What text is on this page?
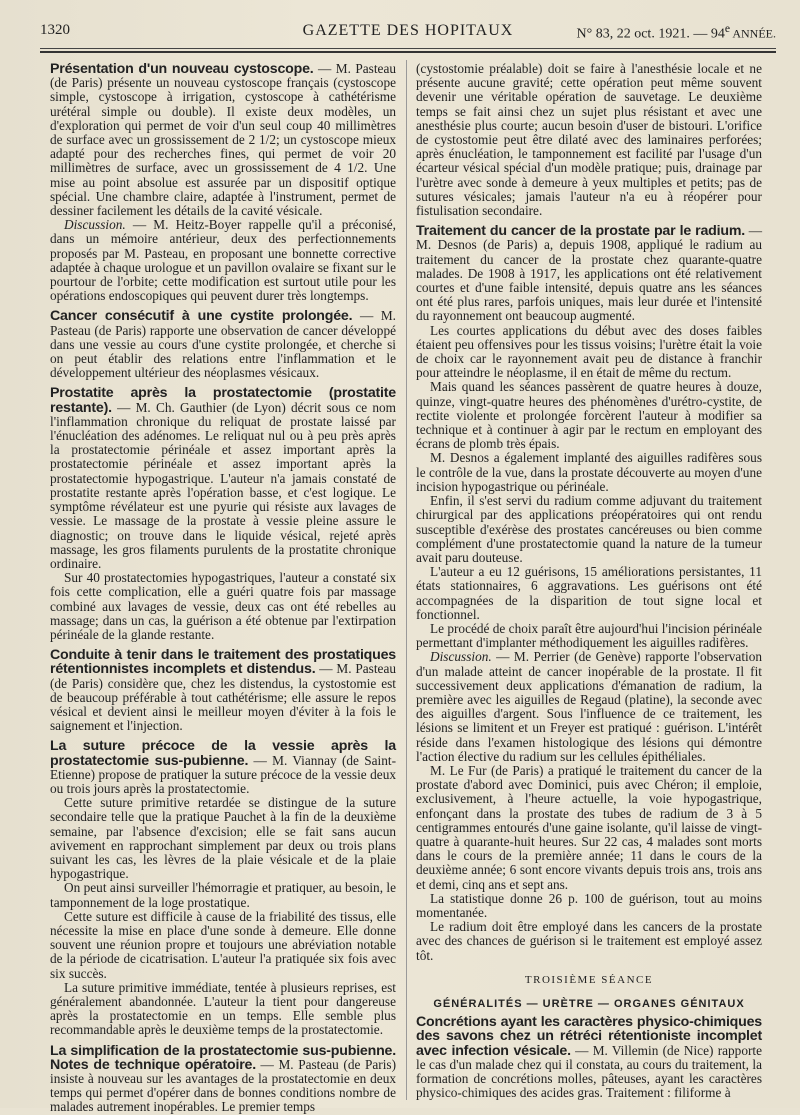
1320	GAZETTE DES HOPITAUX	N° 83, 22 oct. 1921. — 94e ANNÉE.

Présentation d'un nouveau cystoscope. — M. Pasteau (de Paris) présente un nouveau cystoscope français (cystoscope simple, cystoscope à irrigation, cystoscope à cathétérisme urétéral simple ou double). Il existe deux modèles, un d'exploration qui permet de voir d'un seul coup 40 millimètres de surface avec un grossissement de 2 1/2; un cystoscope mieux adapté pour des recherches fines, qui permet de voir 20 millimètres de surface, avec un grossissement de 4 1/2. Une mise au point absolue est assurée par un dispositif optique spécial. Une chambre claire, adaptée à l'instrument, permet de dessiner facilement les détails de la cavité vésicale.

Discussion. — M. Heitz-Boyer rappelle qu'il a préconisé, dans un mémoire antérieur, deux des perfectionnements proposés par M. Pasteau, en proposant une bonnette corrective adaptée à chaque urologue et un pavillon ovalaire se fixant sur le pourtour de l'orbite; cette modification est surtout utile pour les opérations endoscopiques qui peuvent durer très longtemps.

Cancer consécutif à une cystite prolongée. — M. Pasteau (de Paris) rapporte une observation de cancer développé dans une vessie au cours d'une cystite prolongée, et cherche si on peut établir des relations entre l'inflammation et le développement ultérieur des néoplasmes vésicaux.

Prostatite après la prostatectomie (prostatite restante). — M. Ch. Gauthier (de Lyon) décrit sous ce nom l'inflammation chronique du reliquat de prostate laissé par l'énucléation des adénomes. Le reliquat nul ou à peu près après la prostatectomie périnéale et assez important après la prostatectomie périnéale et assez important après la prostatectomie hypogastrique. L'auteur n'a jamais constaté de prostatite restante après l'opération basse, et c'est logique. Le symptôme révélateur est une pyurie qui résiste aux lavages de vessie. Le massage de la prostate à vessie pleine assure le diagnostic; on trouve dans le liquide vésical, rejeté après massage, les gros filaments purulents de la prostatite chronique ordinaire.

Sur 40 prostatectomies hypogastriques, l'auteur a constaté six fois cette complication, elle a guéri quatre fois par massage combiné aux lavages de vessie, deux cas ont été rebelles au massage; dans un cas, la guérison a été obtenue par l'extirpation périnéale de la glande restante.

Conduite à tenir dans le traitement des prostatiques rétentionnistes incomplets et distendus. — M. Pasteau (de Paris) considère que, chez les distendus, la cystostomie est de beaucoup préférable à tout cathétérisme; elle assure le repos vésical et devient ainsi le meilleur moyen d'éviter à la fois le saignement et l'injection.

La suture précoce de la vessie après la prostatectomie sus-pubienne. — M. Viannay (de Saint-Etienne) propose de pratiquer la suture précoce de la vessie deux ou trois jours après la prostatectomie.

Cette suture primitive retardée se distingue de la suture secondaire telle que la pratique Pauchet à la fin de la deuxième semaine, par l'absence d'excision; elle se fait sans aucun avivement en rapprochant simplement par deux ou trois plans suivant les cas, les lèvres de la plaie vésicale et de la plaie hypogastrique.

On peut ainsi surveiller l'hémorragie et pratiquer, au besoin, le tamponnement de la loge prostatique.

Cette suture est difficile à cause de la friabilité des tissus, elle nécessite la mise en place d'une sonde à demeure. Elle donne souvent une réunion propre et toujours une abréviation notable de la période de cicatrisation. L'auteur l'a pratiquée six fois avec six succès.

La suture primitive immédiate, tentée à plusieurs reprises, est généralement abandonnée. L'auteur la tient pour dangereuse après la prostatectomie en un temps. Elle semble plus recommandable après le deuxième temps de la prostatectomie.

La simplification de la prostatectomie sus-pubienne. Notes de technique opératoire. — M. Pasteau (de Paris) insiste à nouveau sur les avantages de la prostatectomie en deux temps qui permet d'opérer dans de bonnes conditions nombre de malades autrement inopérables. Le premier temps

(cystostomie préalable) doit se faire à l'anesthésie locale et ne présente aucune gravité; cette opération peut même souvent devenir une véritable opération de sauvetage. Le deuxième temps se fait ainsi chez un sujet plus résistant et avec une anesthésie plus courte; aucun besoin d'user de bistouri. L'orifice de cystostomie peut être dilaté avec des laminaires perforées; après énucléation, le tamponnement est facilité par l'usage d'un écarteur vésical spécial d'un modèle pratique; puis, drainage par l'urètre avec sonde à demeure à yeux multiples et petits; pas de sutures vésicales; jamais l'auteur n'a eu à réopérer pour fistulisation secondaire.

Traitement du cancer de la prostate par le radium. — M. Desnos (de Paris) a, depuis 1908, appliqué le radium au traitement du cancer de la prostate chez quarante-quatre malades. De 1908 à 1917, les applications ont été relativement courtes et d'une faible intensité, depuis quatre ans les séances ont été plus rares, parfois uniques, mais leur durée et l'intensité du rayonnement ont beaucoup augmenté.

Les courtes applications du début avec des doses faibles étaient peu offensives pour les tissus voisins; l'urètre était la voie de choix car le rayonnement avait peu de distance à franchir pour atteindre le néoplasme, il en était de même du rectum.

Mais quand les séances passèrent de quatre heures à douze, quinze, vingt-quatre heures des phénomènes d'urétro-cystite, de rectite violente et prolongée forcèrent l'auteur à modifier sa technique et à continuer à agir par le rectum en employant des écrans de plomb très épais.

M. Desnos a également implanté des aiguilles radifères sous le contrôle de la vue, dans la prostate découverte au moyen d'une incision hypogastrique ou périnéale.

Enfin, il s'est servi du radium comme adjuvant du traitement chirurgical par des applications préopératoires qui ont rendu susceptible d'exérèse des prostates cancéreuses ou bien comme complément d'une prostatectomie quand la nature de la tumeur avait paru douteuse.

L'auteur a eu 12 guérisons, 15 améliorations persistantes, 11 états stationnaires, 6 aggravations. Les guérisons ont été accompagnées de la disparition de tout signe local et fonctionnel.

Le procédé de choix paraît être aujourd'hui l'incision périnéale permettant d'implanter méthodiquement les aiguilles radifères.

Discussion. — M. Perrier (de Genève) rapporte l'observation d'un malade atteint de cancer inopérable de la prostate. Il fit successivement deux applications d'émanation de radium, la première avec les aiguilles de Regaud (platine), la seconde avec des aiguilles d'argent. Sous l'influence de ce traitement, les lésions se limitent et un Freyer est pratiqué : guérison. L'intérêt réside dans l'examen histologique des lésions qui démontre l'action élective du radium sur les cellules épithéliales.

M. Le Fur (de Paris) a pratiqué le traitement du cancer de la prostate d'abord avec Dominici, puis avec Chéron; il emploie, exclusivement, à l'heure actuelle, la voie hypogastrique, enfonçant dans la prostate des tubes de radium de 3 à 5 centigrammes entourés d'une gaine isolante, qu'il laisse de vingt-quatre à quarante-huit heures. Sur 22 cas, 4 malades sont morts dans le cours de la première année; 11 dans le cours de la deuxième année; 6 sont encore vivants depuis trois ans, trois ans et demi, cinq ans et sept ans.

La statistique donne 26 p. 100 de guérison, tout au moins momentanée.

Le radium doit être employé dans les cancers de la prostate avec des chances de guérison si le traitement est employé assez tôt.

TROISIÈME SÉANCE

GÉNÉRALITÉS — URÈTRE — ORGANES GÉNITAUX

Concrétions ayant les caractères physico-chimiques des savons chez un rétréci rétentioniste incomplet avec infection vésicale. — M. Villemin (de Nice) rapporte le cas d'un malade chez qui il constata, au cours du traitement, la formation de concrétions molles, pâteuses, ayant les caractères physico-chimiques des acides gras. Traitement : filiforme à
